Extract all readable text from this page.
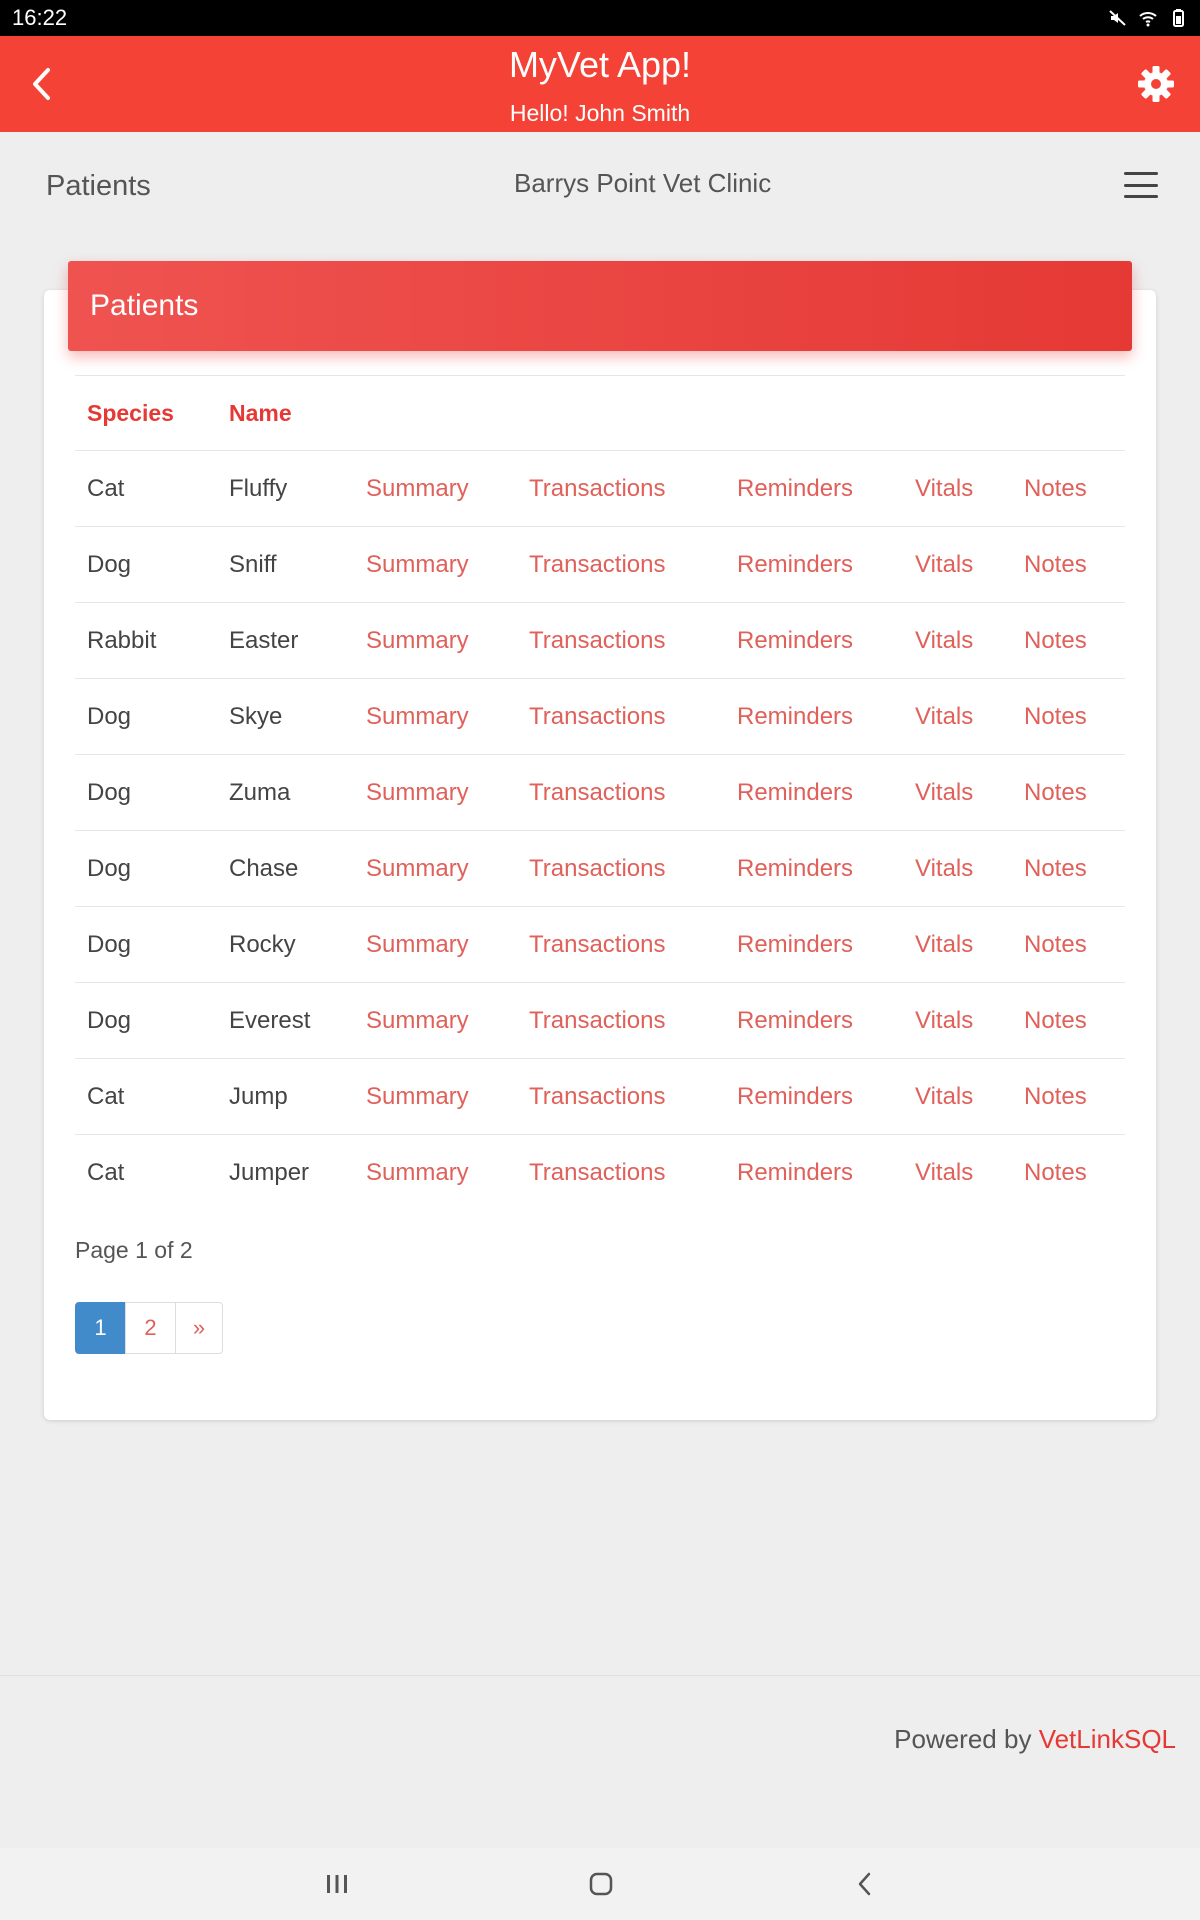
16:22
MyVet App!
Hello! John Smith
Patients	Barrys Point Vet Clinic
Patients
Species	Name					
Cat	Fluffy	Summary	Transactions	Reminders	Vitals	Notes
Dog	Sniff	Summary	Transactions	Reminders	Vitals	Notes
Rabbit	Easter	Summary	Transactions	Reminders	Vitals	Notes
Dog	Skye	Summary	Transactions	Reminders	Vitals	Notes
Dog	Zuma	Summary	Transactions	Reminders	Vitals	Notes
Dog	Chase	Summary	Transactions	Reminders	Vitals	Notes
Dog	Rocky	Summary	Transactions	Reminders	Vitals	Notes
Dog	Everest	Summary	Transactions	Reminders	Vitals	Notes
Cat	Jump	Summary	Transactions	Reminders	Vitals	Notes
Cat	Jumper	Summary	Transactions	Reminders	Vitals	Notes
Page 1 of 2
1	2	»
Powered by VetLinkSQL
